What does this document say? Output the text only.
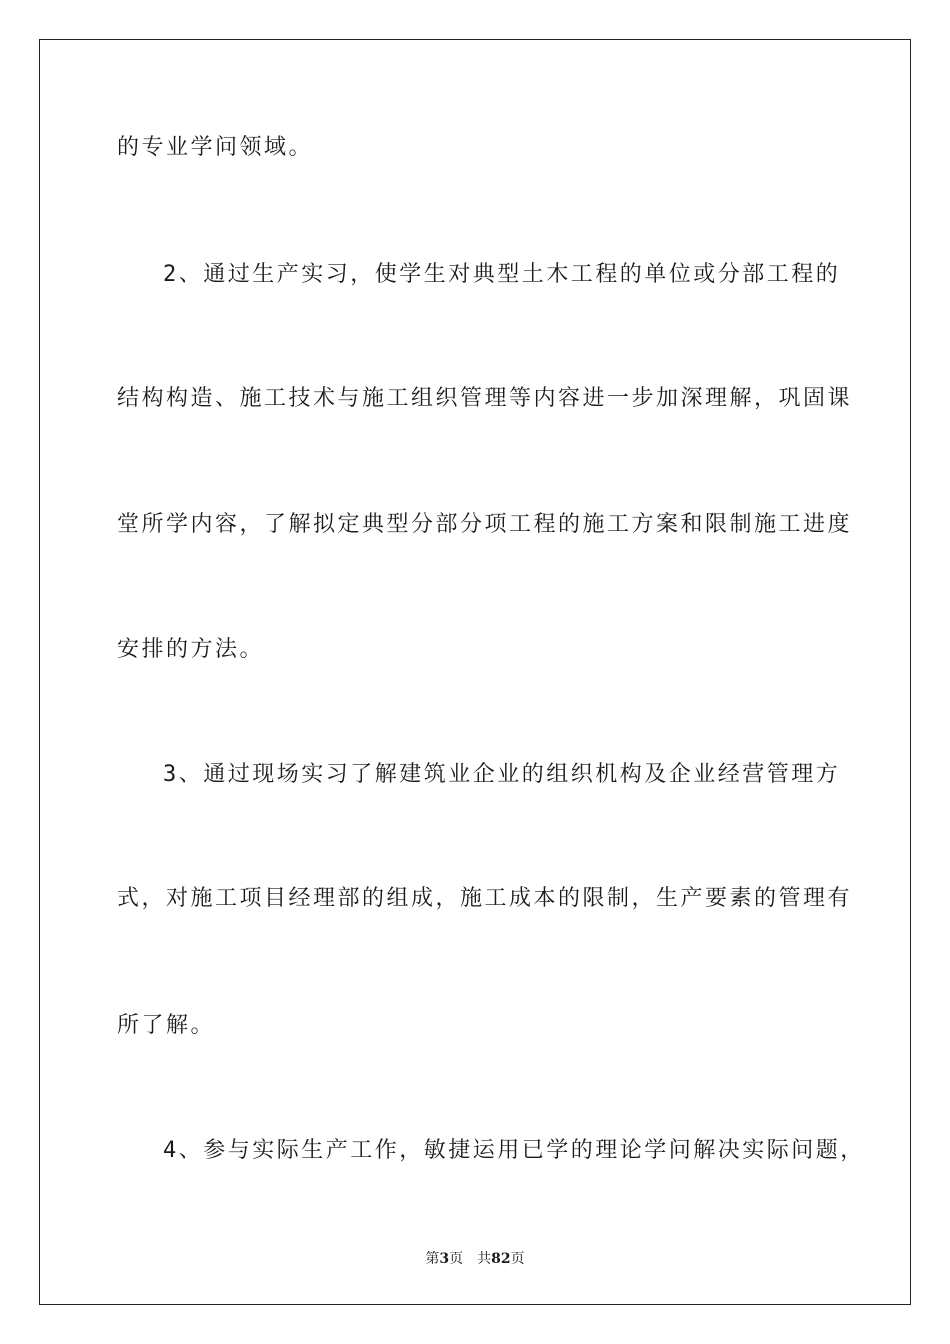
的专业学问领域。
2、通过生产实习，使学生对典型土木工程的单位或分部工程的
结构构造、施工技术与施工组织管理等内容进一步加深理解，巩固课
堂所学内容，了解拟定典型分部分项工程的施工方案和限制施工进度
安排的方法。
3、通过现场实习了解建筑业企业的组织机构及企业经营管理方
式，对施工项目经理部的组成，施工成本的限制，生产要素的管理有
所了解。
4、参与实际生产工作，敏捷运用已学的理论学问解决实际问题，
第3页 共82页
